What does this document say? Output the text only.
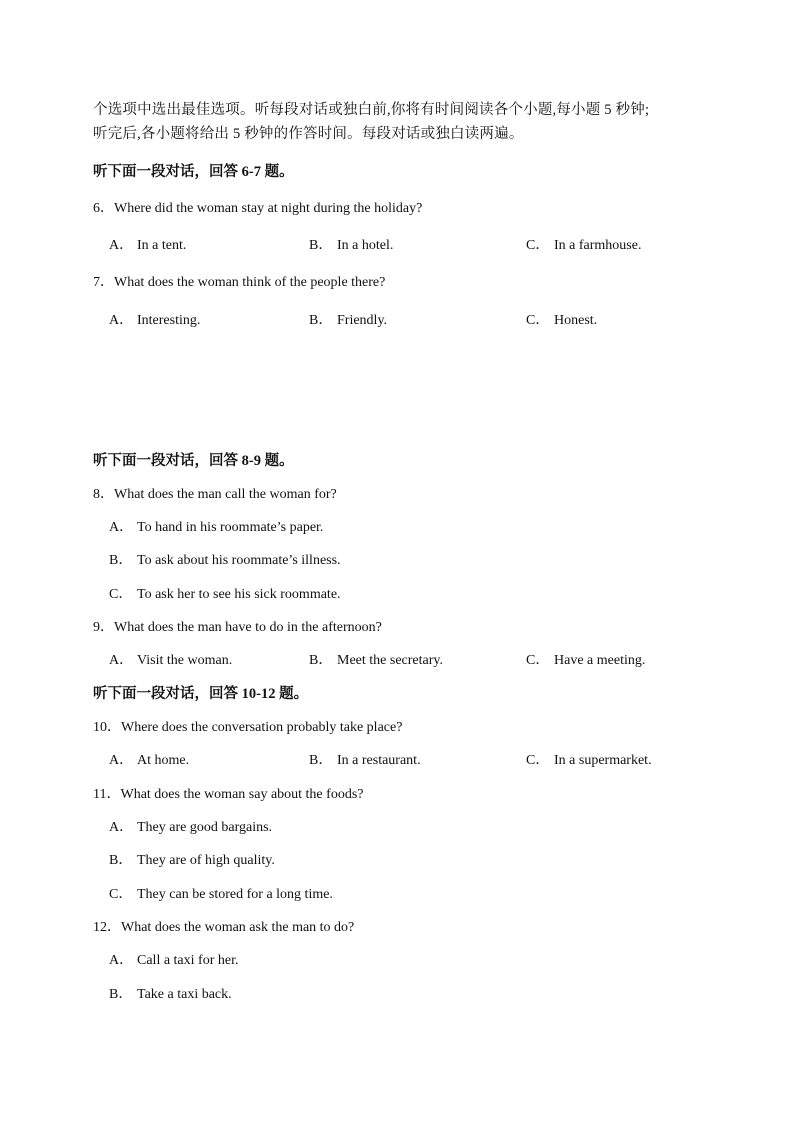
个选项中选出最佳选项。听每段对话或独白前,你将有时间阅读各个小题,每小题 5 秒钟;
听完后,各小题将给出 5 秒钟的作答时间。每段对话或独白读两遍。
听下面一段对话，回答 6-7 题。
6．Where did the woman stay at night during the holiday?
A． In a tent.	B． In a hotel.	C． In a farmhouse.
7．What does the woman think of the people there?
A． Interesting.	B． Friendly.	C． Honest.
听下面一段对话，回答 8-9 题。
8．What does the man call the woman for?
A． To hand in his roommate’s paper.
B． To ask about his roommate’s illness.
C． To ask her to see his sick roommate.
9．What does the man have to do in the afternoon?
A． Visit the woman.	B． Meet the secretary.	C． Have a meeting.
听下面一段对话，回答 10-12 题。
10．Where does the conversation probably take place?
A． At home.	B． In a restaurant.	C． In a supermarket.
11．What does the woman say about the foods?
A． They are good bargains.
B． They are of high quality.
C． They can be stored for a long time.
12．What does the woman ask the man to do?
A． Call a taxi for her.
B． Take a taxi back.
